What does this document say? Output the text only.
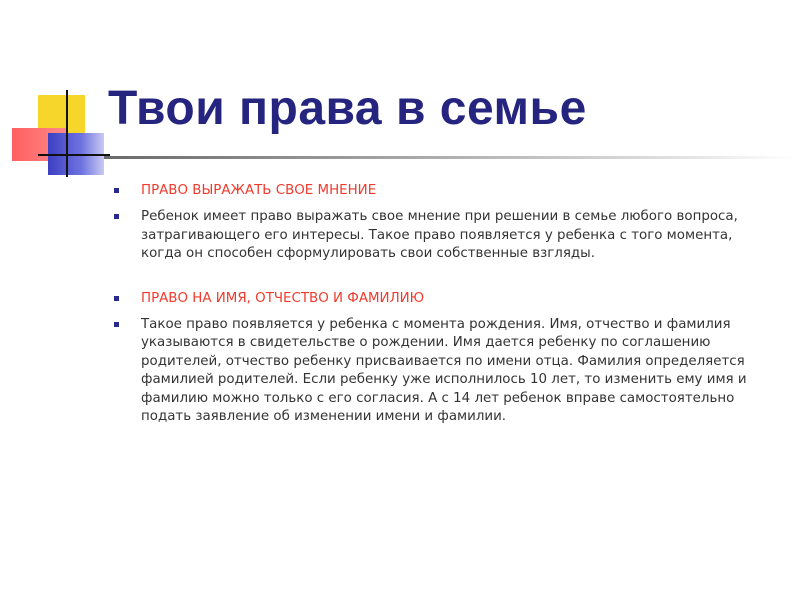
Твои права в семье
ПРАВО ВЫРАЖАТЬ СВОЕ МНЕНИЕ
Ребенок имеет право выражать свое мнение при решении в семье любого вопроса, затрагивающего его интересы. Такое право появляется у ребенка с того момента, когда он способен сформулировать свои собственные взгляды.
ПРАВО НА ИМЯ, ОТЧЕСТВО И ФАМИЛИЮ
Такое право появляется у ребенка с момента рождения. Имя, отчество и фамилия указываются в свидетельстве о рождении. Имя дается ребенку по соглашению родителей, отчество ребенку присваивается по имени отца. Фамилия определяется фамилией родителей. Если ребенку уже исполнилось 10 лет, то изменить ему имя и фамилию можно только с его согласия. А с 14 лет ребенок вправе самостоятельно подать заявление об изменении имени и фамилии.
